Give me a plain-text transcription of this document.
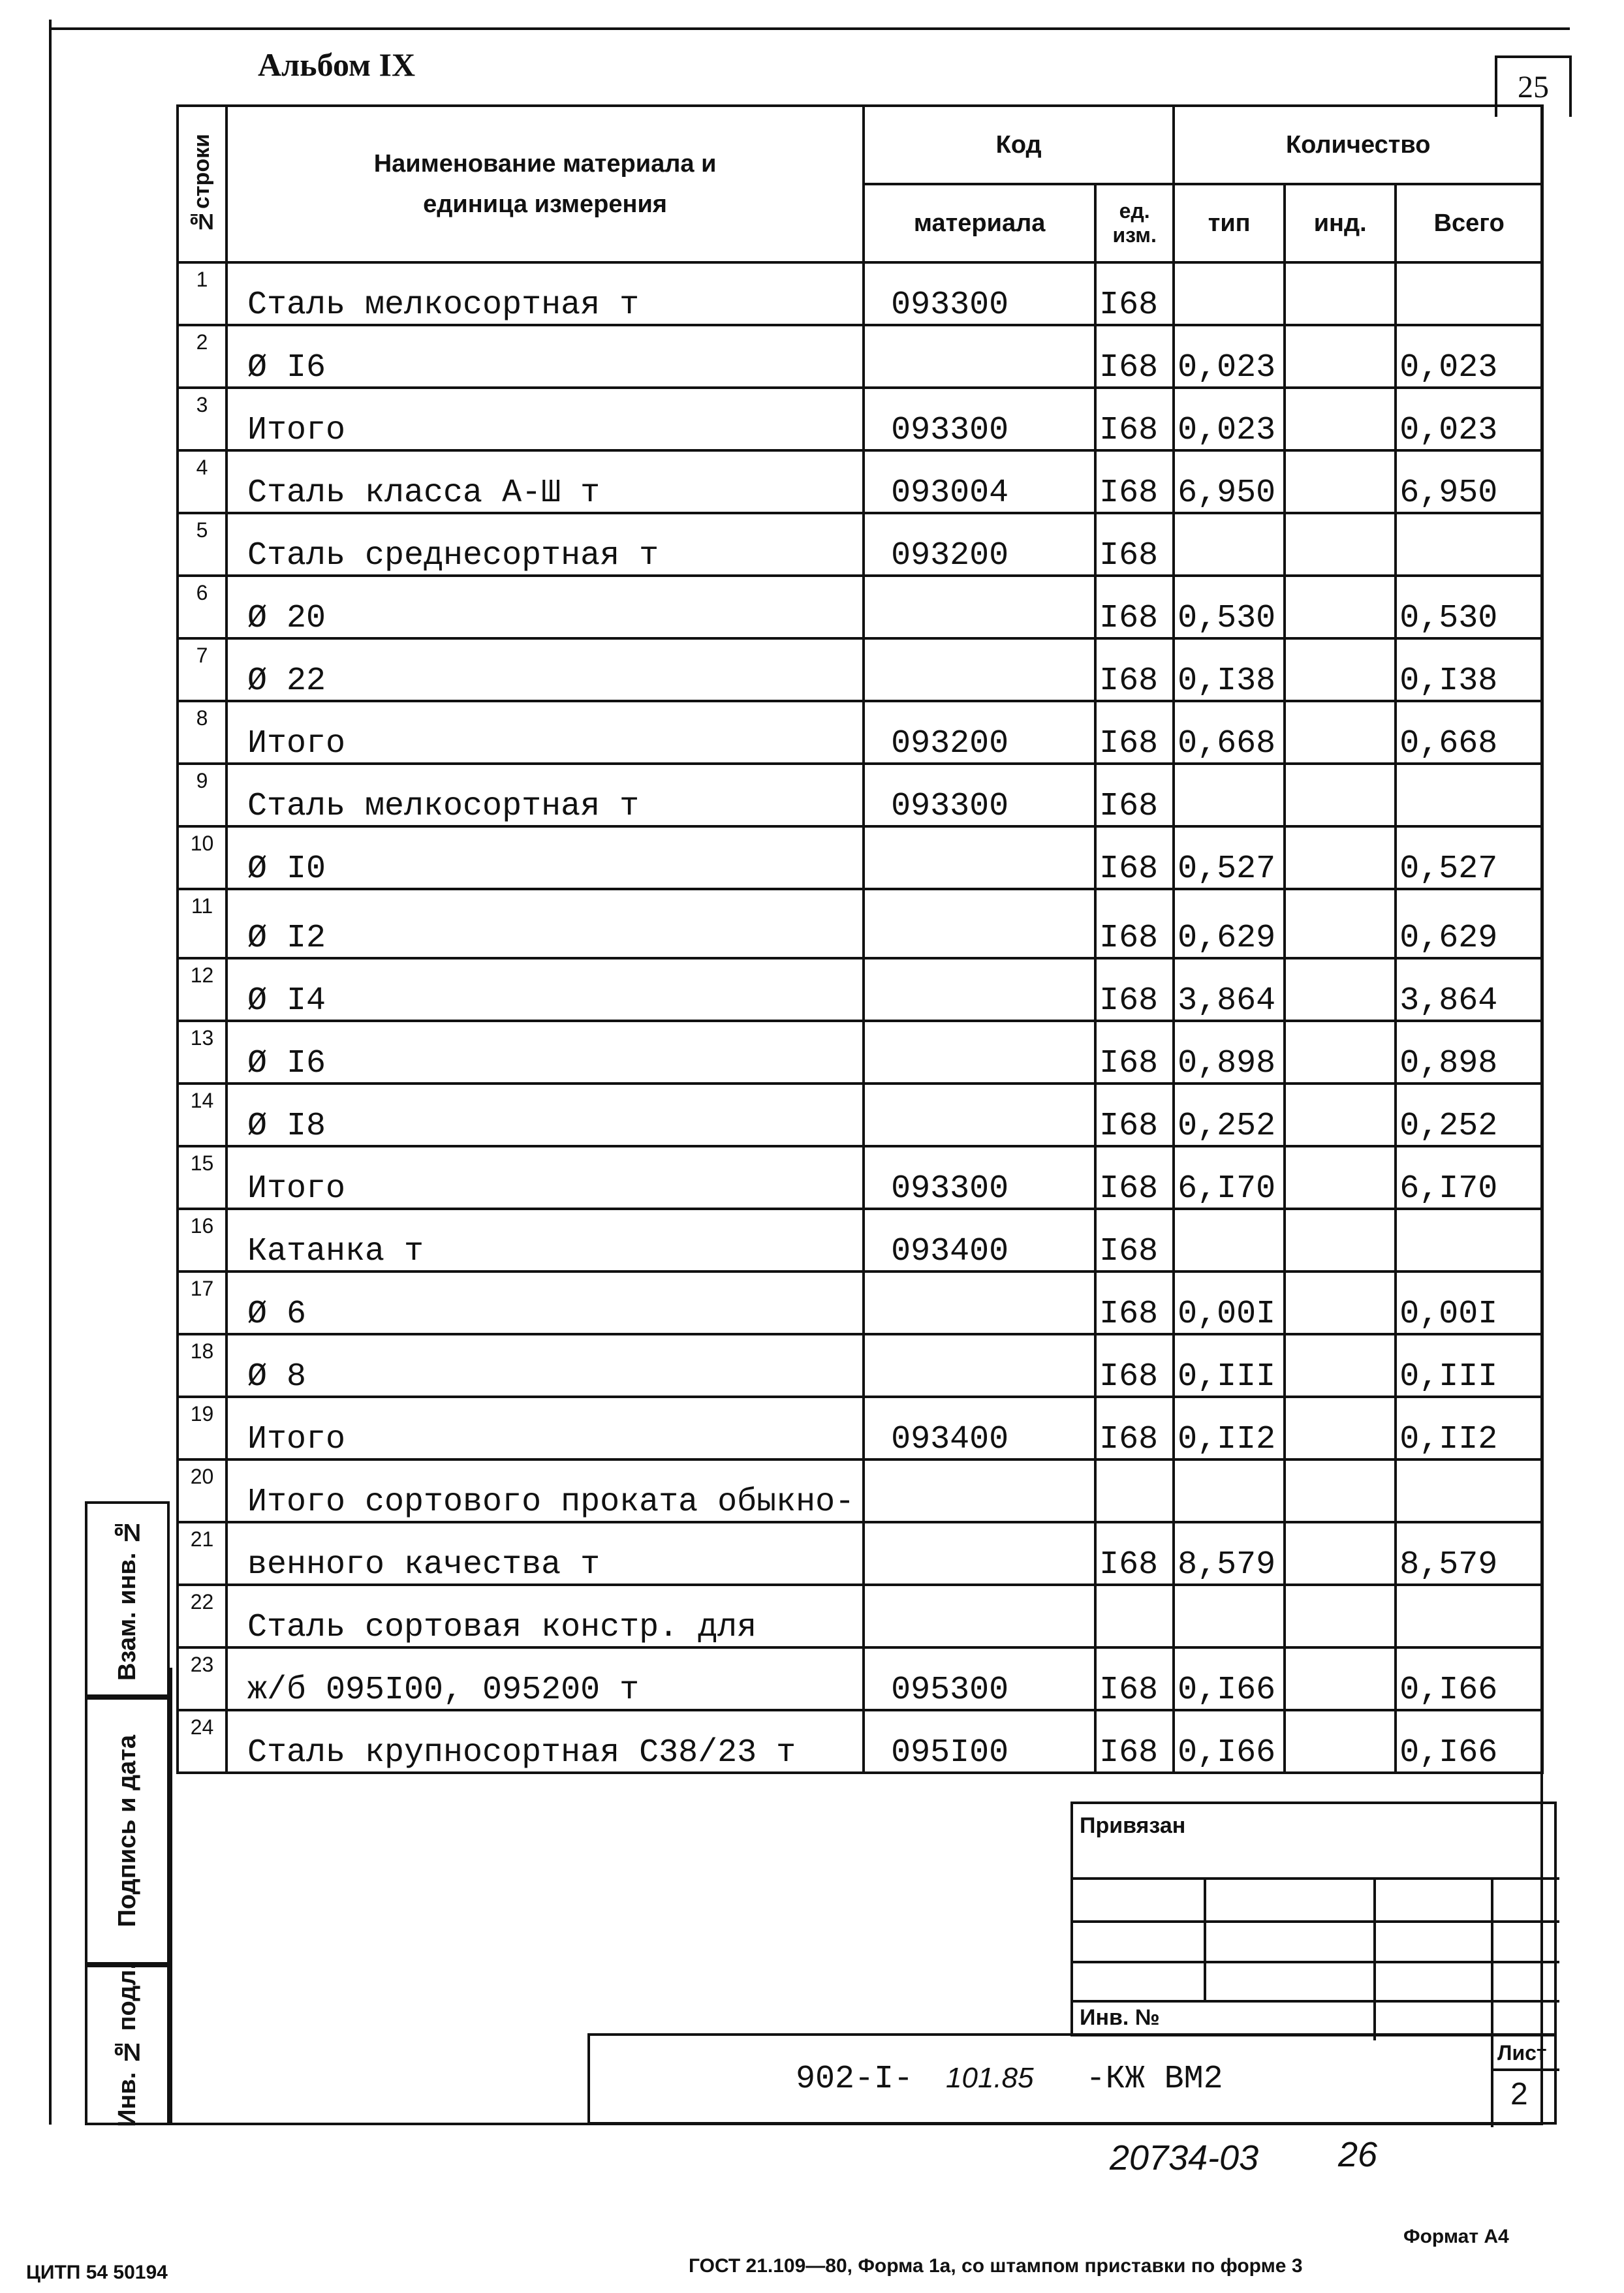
Альбом IX
25
№строки	Наименование материала и единица измерения	Код		Количество		
		материала	ед. изм.	тип	инд.	Всего
1	Сталь мелкосортная т	093300	I68			
2	Ø I6		I68	0,023		0,023
3	Итого	093300	I68	0,023		0,023
4	Сталь класса А-Ш т	093004	I68	6,950		6,950
5	Сталь среднесортная т	093200	I68			
6	Ø 20		I68	0,530		0,530
7	Ø 22		I68	0,I38		0,I38
8	Итого	093200	I68	0,668		0,668
9	Сталь мелкосортная т	093300	I68			
10	Ø I0		I68	0,527		0,527
11	Ø I2		I68	0,629		0,629
12	Ø I4		I68	3,864		3,864
13	Ø I6		I68	0,898		0,898
14	Ø I8		I68	0,252		0,252
15	Итого	093300	I68	6,I70		6,I70
16	Катанка т	093400	I68			
17	Ø 6		I68	0,00I		0,00I
18	Ø 8		I68	0,III		0,III
19	Итого	093400	I68	0,II2		0,II2
20	Итого сортового проката обыкно-					
21	венного качества т		I68	8,579		8,579
22	Сталь сортовая констр. для					
23	ж/б 095I00, 095200 т	095300	I68	0,I66		0,I66
24	Сталь крупносортная С38/23 т	095I00	I68	0,I66		0,I66
Взам. инв. №
Подпись и дата
Инв. № подл.
Привязан
Инв. №
902-I- 101.85 -КЖ ВМ2
Лист
2
20734-03 26
Формат А4
ЦИТП 54 50194	ГОСТ 21.109—80, Форма 1а, со штампом приставки по форме 3
